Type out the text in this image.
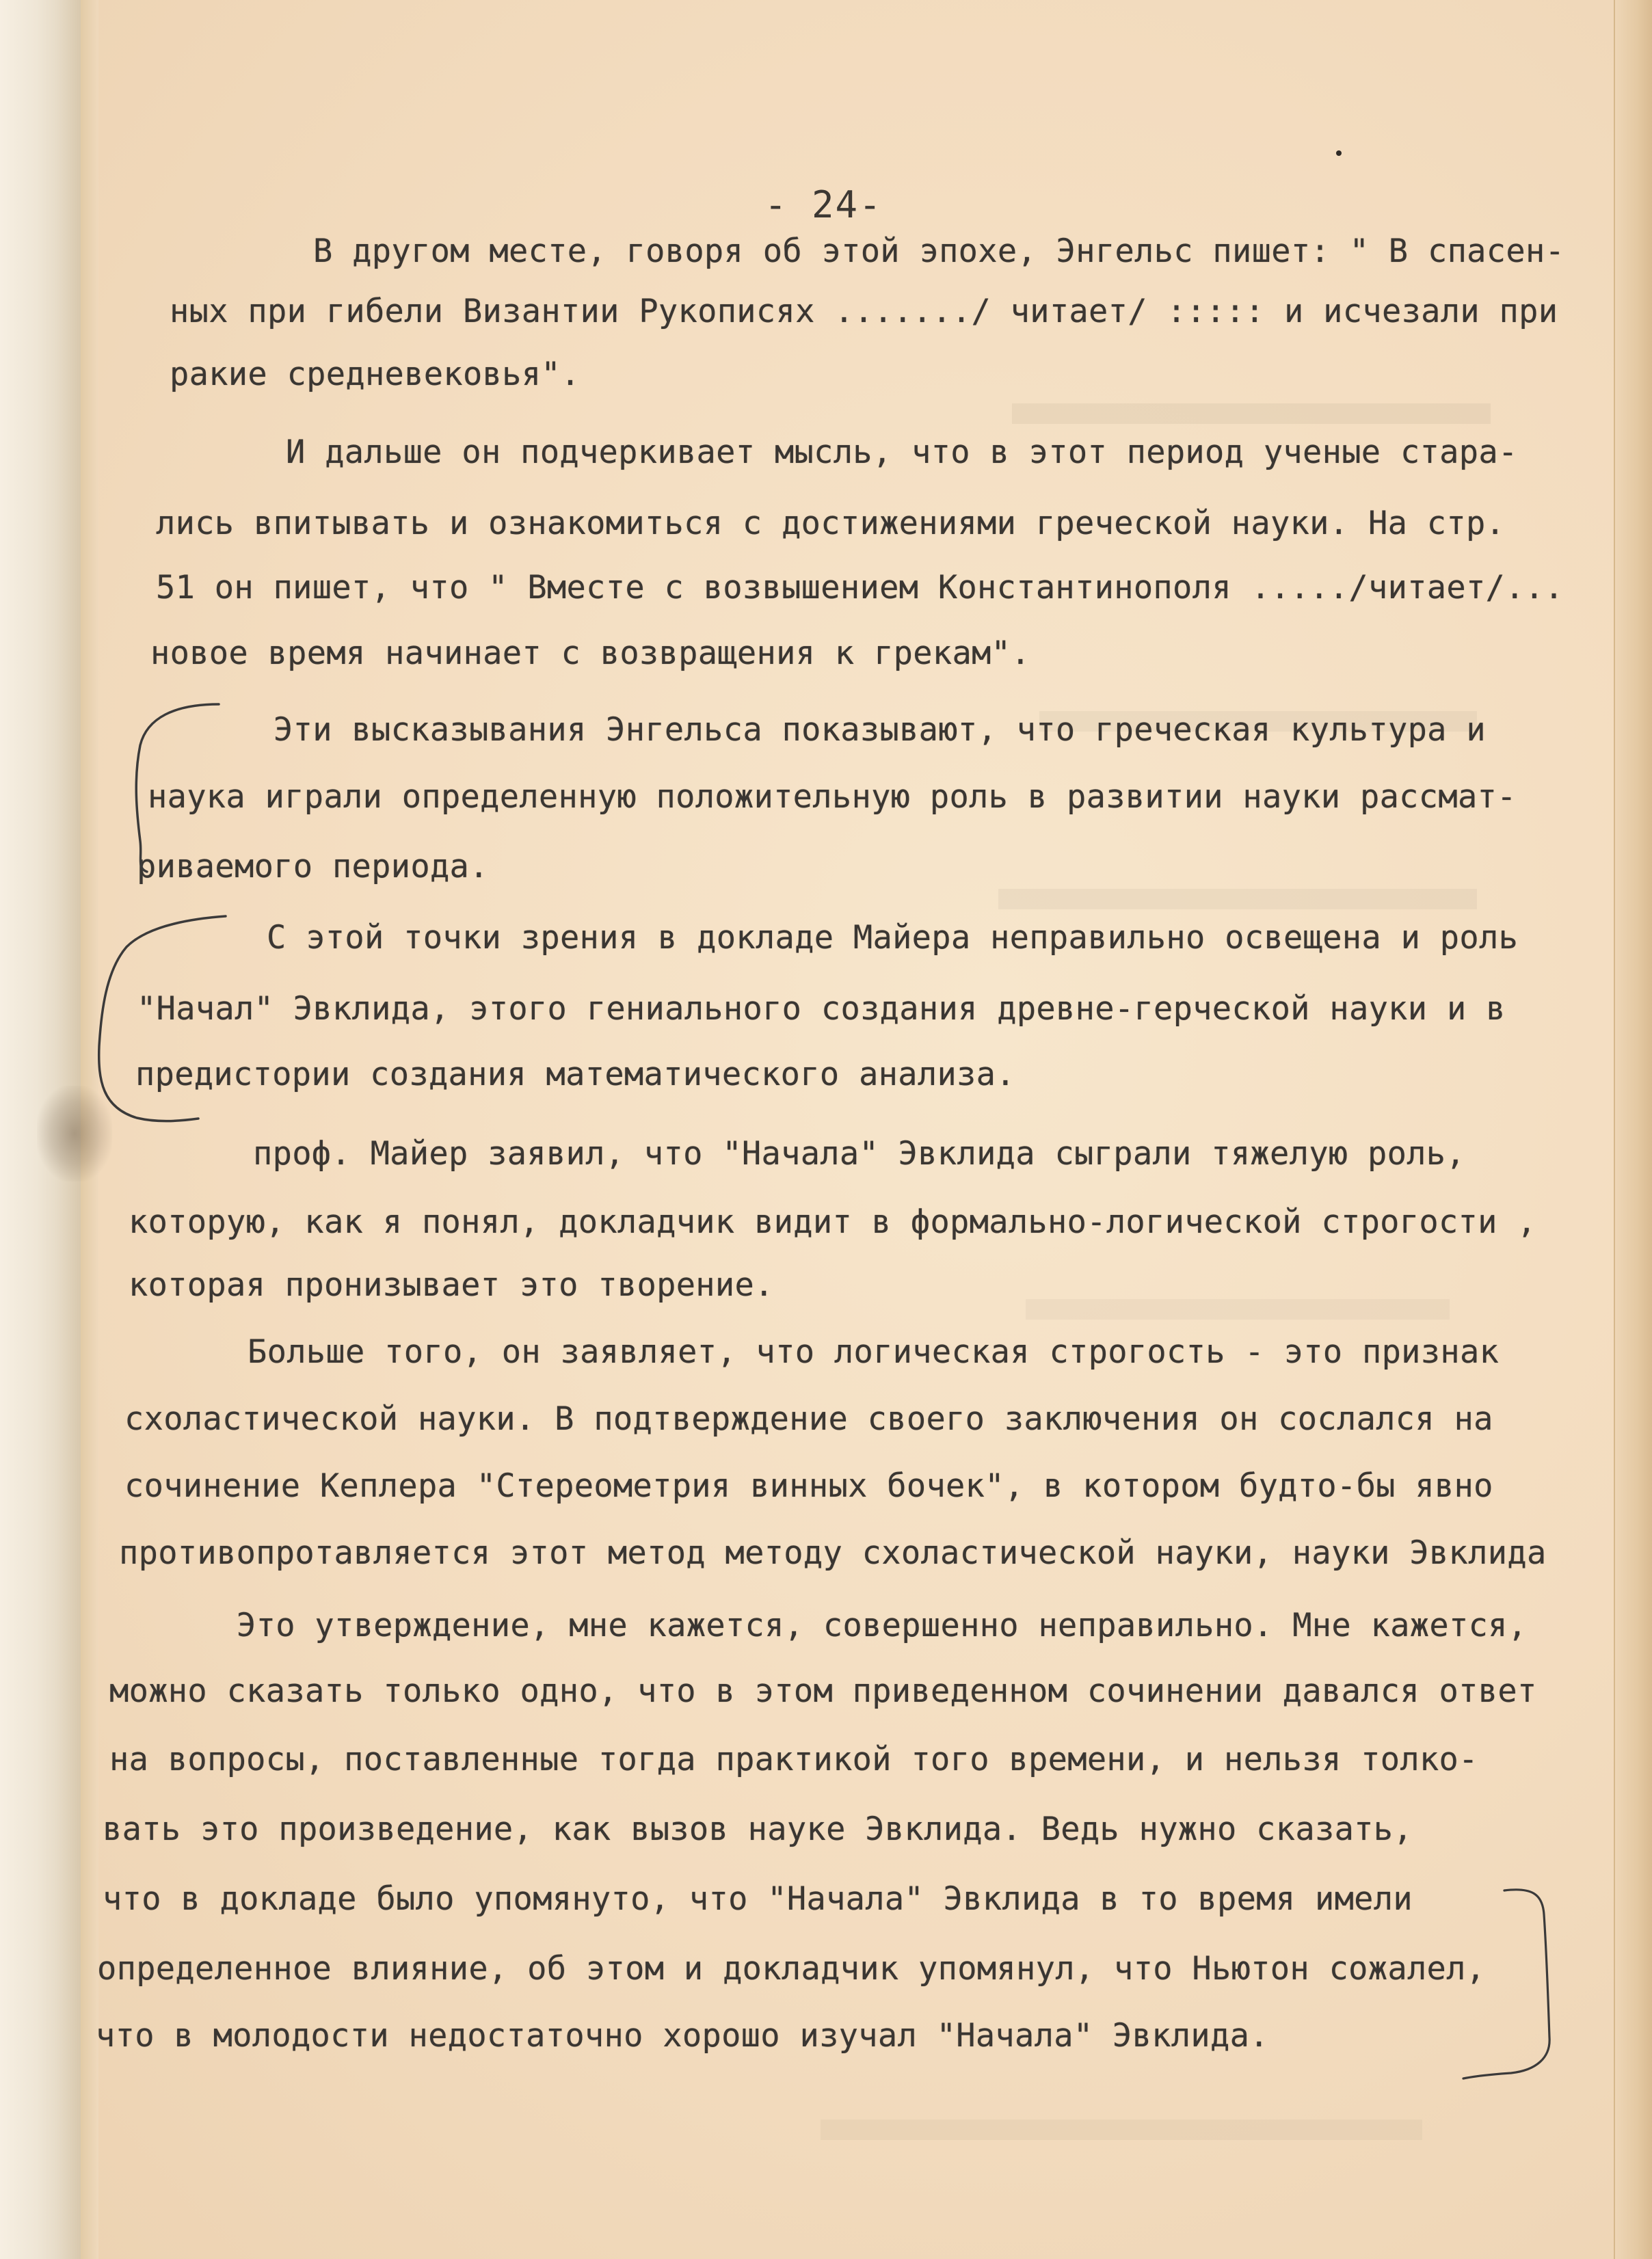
- 24-
В другом месте, говоря об этой эпохе, Энгельс пишет: " В спасен-
ных при гибели Византии Рукописях ......./ читает/ ::::: и исчезали при
ракие средневековья".
И дальше он подчеркивает мысль, что в этот период ученые стара-
лись впитывать и ознакомиться с достижениями греческой науки. На стр.
51 он пишет, что " Вместе с возвышением Константинополя ...../читает/...
новое время начинает с возвращения к грекам".
Эти высказывания Энгельса показывают, что греческая культура и
наука играли определенную положительную роль в развитии науки рассмат-
риваемого периода.
С этой точки зрения в докладе Майера неправильно освещена и роль
"Начал" Эвклида, этого гениального создания древне-герческой науки и в
предистории создания математического анализа.
проф. Майер заявил, что "Начала" Эвклида сыграли тяжелую роль,
которую, как я понял, докладчик видит в формально-логической строгости ,
которая пронизывает это творение.
Больше того, он заявляет, что логическая строгость - это признак
схоластической науки. В подтверждение своего заключения он сослался на
сочинение Кеплера "Стереометрия винных бочек", в котором будто-бы явно
противопротавляется этот метод методу схоластической науки, науки Эвклида
Это утверждение, мне кажется, совершенно неправильно. Мне кажется,
можно сказать только одно, что в этом приведенном сочинении давался ответ
на вопросы, поставленные тогда практикой того времени, и нельзя толко-
вать это произведение, как вызов науке Эвклида. Ведь нужно сказать,
что в докладе было упомянуто, что "Начала" Эвклида в то время имели
определенное влияние, об этом и докладчик упомянул, что Ньютон сожалел,
что в молодости недостаточно хорошо изучал "Начала" Эвклида.
